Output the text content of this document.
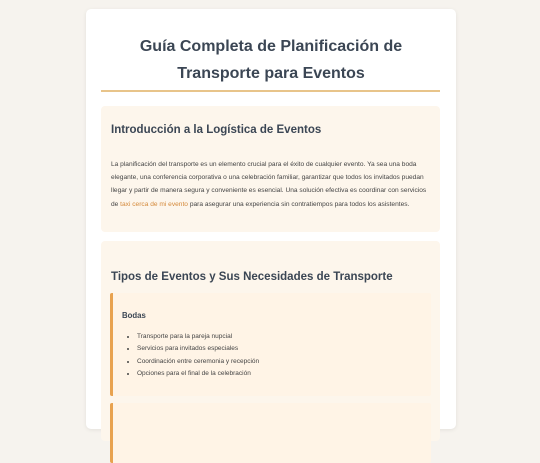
Guía Completa de Planificación de Transporte para Eventos
Introducción a la Logística de Eventos

La planificación del transporte es un elemento crucial para el éxito de cualquier evento. Ya sea una boda elegante, una conferencia corporativa o una celebración familiar, garantizar que todos los invitados puedan llegar y partir de manera segura y conveniente es esencial. Una solución efectiva es coordinar con servicios de taxi cerca de mi evento para asegurar una experiencia sin contratiempos para todos los asistentes.

Tipos de Eventos y Sus Necesidades de Transporte
Bodas
• Transporte para la pareja nupcial
• Servicios para invitados especiales
• Coordinación entre ceremonia y recepción
• Opciones para el final de la celebración
